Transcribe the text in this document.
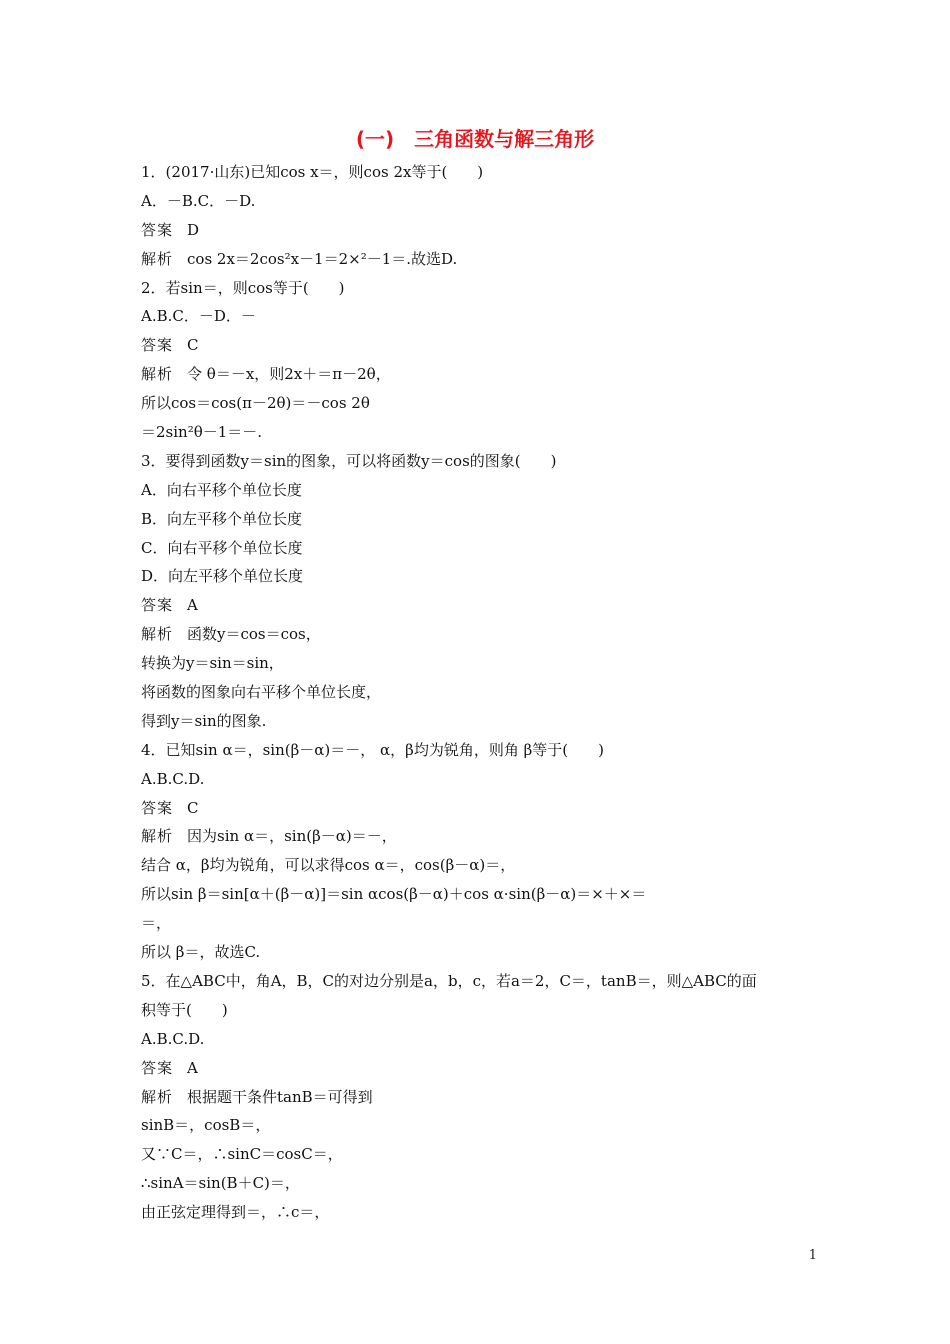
(一)　三角函数与解三角形
1．(2017·山东)已知cos x＝，则cos 2x等于(　　)
A．－B.C．－D.
答案 D
解析 cos 2x＝2cos²x－1＝2×²－1＝.故选D.
2．若sin＝，则cos等于(　　)
A.B.C．－D．－
答案 C
解析 令 θ＝－x，则2x＋＝π－2θ，
所以cos＝cos(π－2θ)＝－cos 2θ
＝2sin²θ－1＝－.
3．要得到函数y＝sin的图象，可以将函数y＝cos的图象(　　)
A．向右平移个单位长度
B．向左平移个单位长度
C．向右平移个单位长度
D．向左平移个单位长度
答案 A
解析 函数y＝cos＝cos，
转换为y＝sin＝sin，
将函数的图象向右平移个单位长度，
得到y＝sin的图象.
4．已知sin α＝，sin(β－α)＝－， α，β均为锐角，则角 β等于(　　)
A.B.C.D.
答案 C
解析 因为sin α＝，sin(β－α)＝－，
结合 α，β均为锐角，可以求得cos α＝，cos(β－α)＝，
所以sin β＝sin[α＋(β－α)]＝sin αcos(β－α)＋cos α·sin(β－α)＝×＋×＝
＝，
所以 β＝，故选C.
5．在△ABC中，角A，B，C的对边分别是a，b，c，若a＝2，C＝，tanB＝，则△ABC的面
积等于(　　)
A.B.C.D.
答案 A
解析 根据题干条件tanB＝可得到
sinB＝，cosB＝，
又∵C＝，∴sinC＝cosC＝，
∴sinA＝sin(B＋C)＝，
由正弦定理得到＝，∴c＝，
1
